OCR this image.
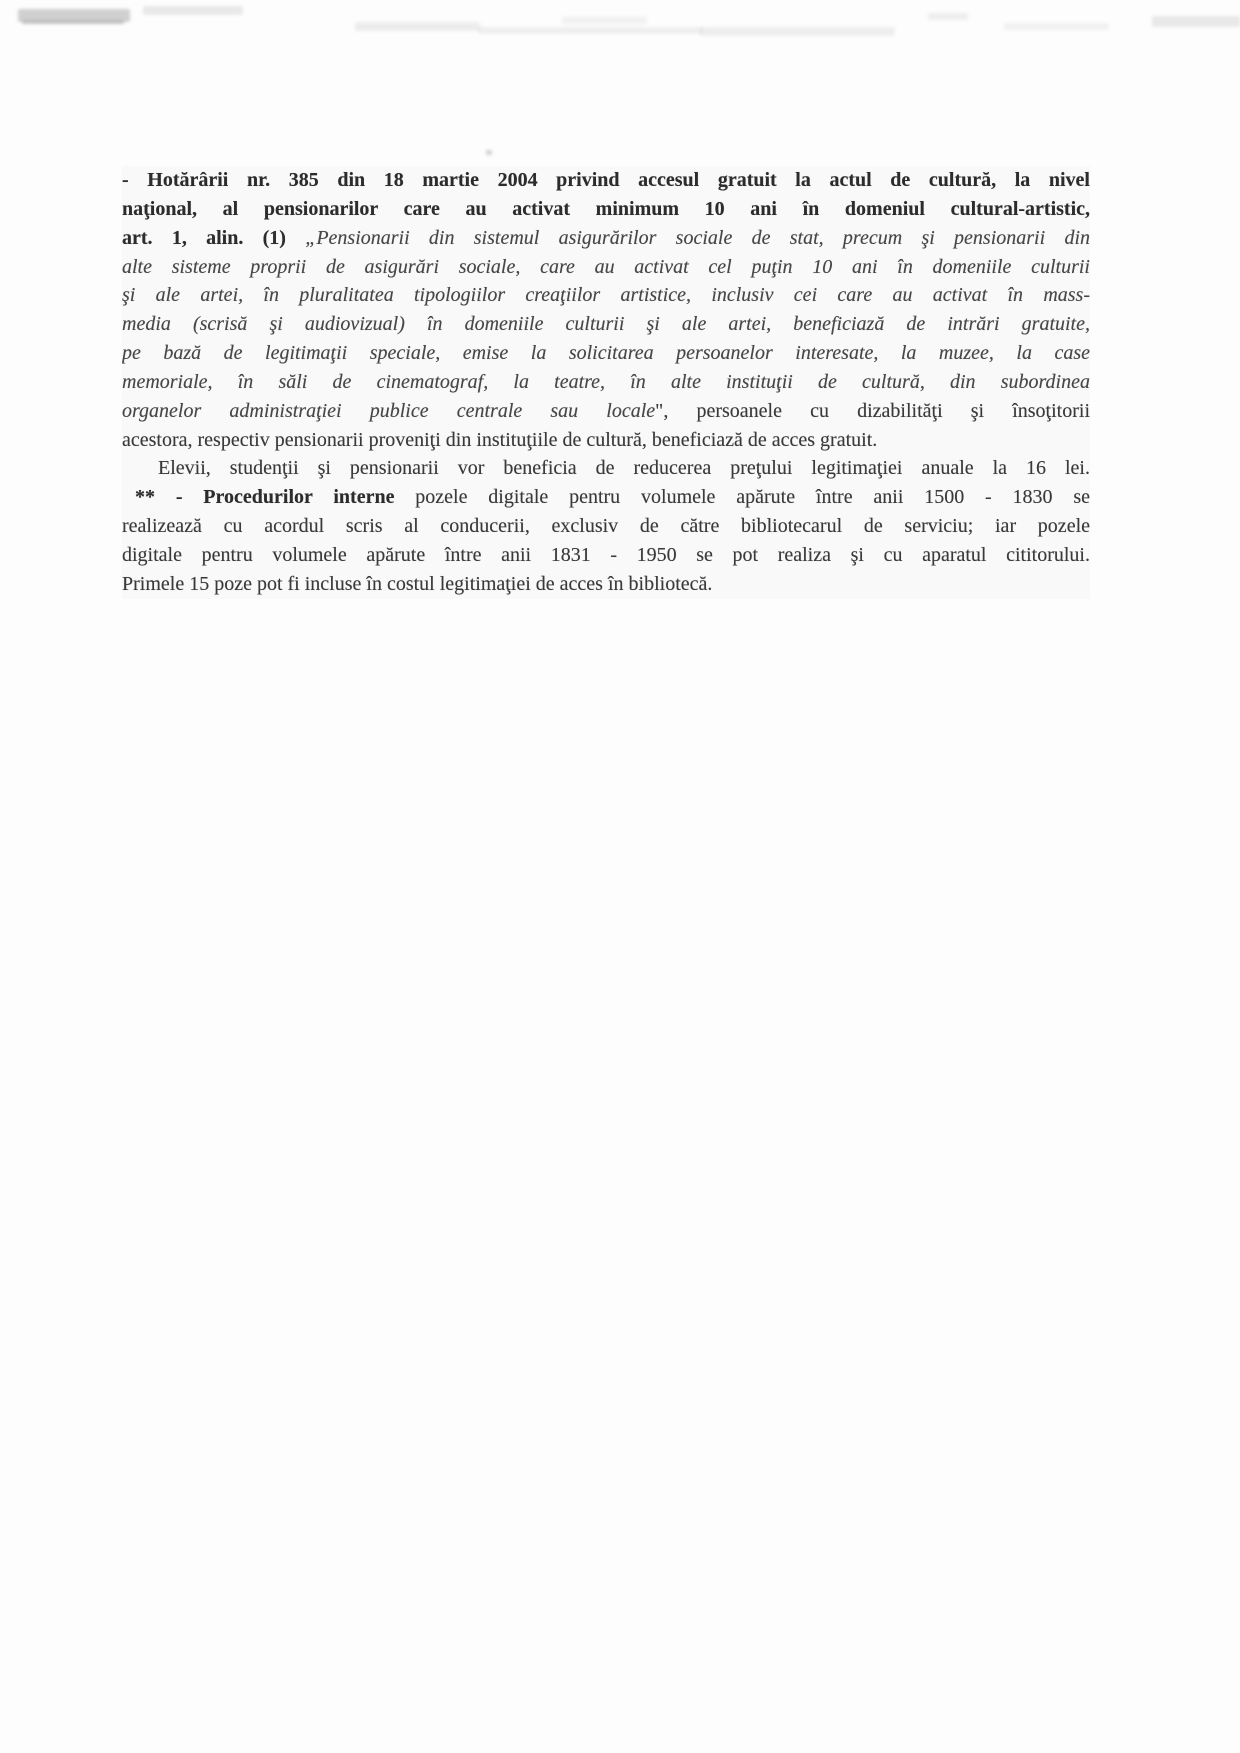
- Hotărârii nr. 385 din 18 martie 2004 privind accesul gratuit la actul de cultură, la nivel
naţional, al pensionarilor care au activat minimum 10 ani în domeniul cultural-artistic,
art. 1, alin. (1) „Pensionarii din sistemul asigurărilor sociale de stat, precum şi pensionarii din
alte sisteme proprii de asigurări sociale, care au activat cel puţin 10 ani în domeniile culturii
şi ale artei, în pluralitatea tipologiilor creaţiilor artistice, inclusiv cei care au activat în mass-
media (scrisă şi audiovizual) în domeniile culturii şi ale artei, beneficiază de intrări gratuite,
pe bază de legitimaţii speciale, emise la solicitarea persoanelor interesate, la muzee, la case
memoriale, în săli de cinematograf, la teatre, în alte instituţii de cultură, din subordinea
organelor administraţiei publice centrale sau locale", persoanele cu dizabilităţi şi însoţitorii
acestora, respectiv pensionarii proveniţi din instituţiile de cultură, beneficiază de acces gratuit.
Elevii, studenţii şi pensionarii vor beneficia de reducerea preţului legitimaţiei anuale la 16 lei.
** - Procedurilor interne pozele digitale pentru volumele apărute între anii 1500 - 1830 se
realizează cu acordul scris al conducerii, exclusiv de către bibliotecarul de serviciu; iar pozele
digitale pentru volumele apărute între anii 1831 - 1950 se pot realiza şi cu aparatul cititorului.
Primele 15 poze pot fi incluse în costul legitimaţiei de acces în bibliotecă.
